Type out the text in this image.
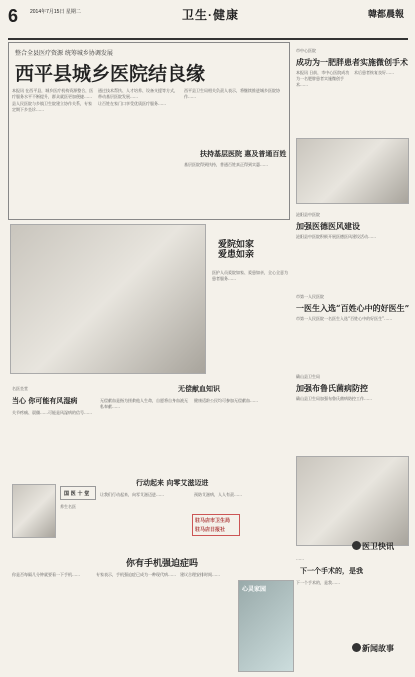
6	2014年7月15日 星期二	卫生·健康	韓都晨報
整合全县医疗资源 统筹城乡协调发展
西平县城乡医院结良缘

本报讯 在西平县，城乡医疗机构资源整合，医疗服务水平不断提升，群众就医更加便捷……

县人民医院与乡镇卫生院建立协作关系，专家定期下乡坐诊……

通过技术帮扶、人才培养、设备支援等方式，带动基层医院发展……

让百姓在家门口享受优质医疗服务……

西平县卫生局相关负责人表示，将继续推进城乡医院协作……

扶持基层医院 惠及普通百姓

基层医院得到扶持，普通百姓真正得到实惠……

市中心医院
成功为一肥胖患者实施微创手术

本报讯 日前，市中心医院成功为一名肥胖患者实施微创手术……

术后患者恢复良好……

泌阳县中医院
加强医德医风建设

泌阳县中医院积极开展医德医风建设活动……

市第一人民医院
一医生入选“百姓心中的好医生”

市第一人民医院一名医生入选“百姓心中的好医生”……

确山县卫生局
加强布鲁氏菌病防控

确山县卫生局加强布鲁氏菌病防控工作……

爱院如家
爱患如亲

医护人员爱院如家、爱患如亲，全心全意为患者服务……

名医坐堂
当心 你可能有风湿病

关节疼痛、晨僵……可能是风湿病的信号……

国 医 十 堂
养生名医
无偿献血知识

无偿献血是指为拯救他人生命，自愿将自身血液无私奉献……

健康适龄公民均可参加无偿献血……

行动起来 向零艾滋迈进

让我们行动起来，向零艾滋迈进……	预防艾滋病，人人有责……

驻马店市卫生局
驻马店日报社
你有手机强迫症吗

你是否每隔几分钟就要看一下手机……	专家表示，手机强迫症已成为一种现代病…… 建议合理安排时间……

心灵家园
医卫快讯

……

下一个手术的，是我

下一个手术的，是我……

新闻故事
